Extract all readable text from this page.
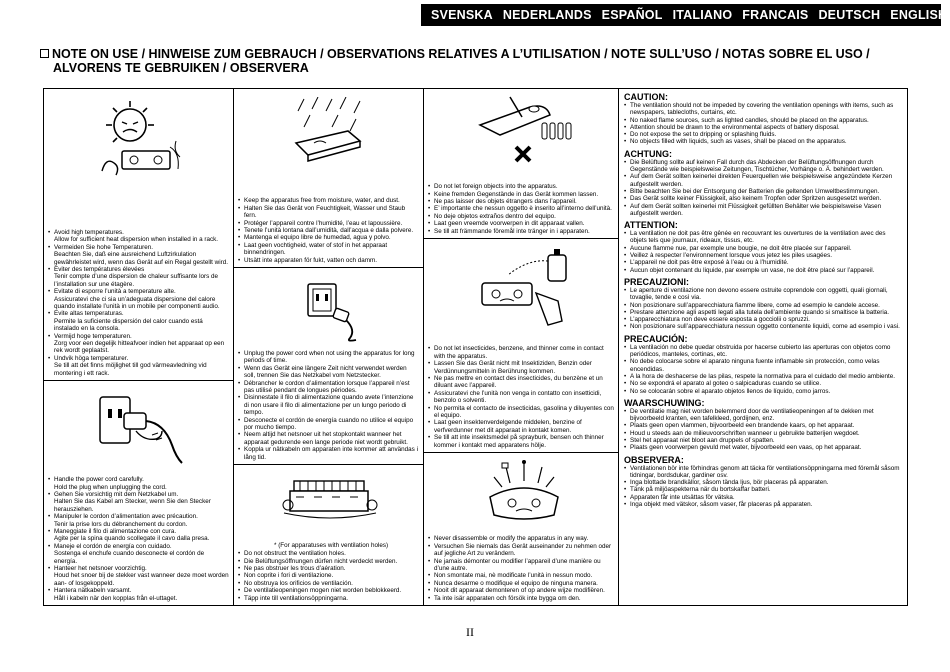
SVENSKA NEDERLANDS ESPAÑOL ITALIANO FRANCAIS DEUTSCH ENGLISH
NOTE ON USE / HINWEISE ZUM GEBRAUCH / OBSERVATIONS RELATIVES A L’UTILISATION / NOTE SULL’USO / NOTAS SOBRE EL USO /
ALVORENS TE GEBRUIKEN / OBSERVERA
• Avoid high temperatures.
Allow for sufficient heat dispersion when installed in a rack.
• Vermeiden Sie hohe Temperaturen.
Beachten Sie, daß eine ausreichend Luftzirkulation gewährleistet wird, wenn das Gerät auf ein Regal gestellt wird.
• Eviter des températures élevées
Tenir compte d’une dispersion de chaleur suffisante lors de l’installation sur une étagère.
• Evitate di esporre l’unità a temperature alte.
Assicuratevi che ci sia un’adeguata dispersione del calore quando installate l’unità in un mobile per componenti audio.
• Evite altas temperaturas.
Permite la suficiente dispersión del calor cuando está instalado en la consola.
• Vermijd hoge temperaturen.
Zorg voor een degelijk hitteafvoer indien het apparaat op een rek wordt geplaatst.
• Undvik höga temperaturer.
Se till att det finns möjlighet till god värmeavledning vid montering i ett rack.
• Handle the power cord carefully.
Hold the plug when unplugging the cord.
• Gehen Sie vorsichtig mit dem Netzkabel um.
Halten Sie das Kabel am Stecker, wenn Sie den Stecker herausziehen.
• Manipuler le cordon d’alimentation avec précaution.
Tenir la prise lors du débranchement du cordon.
• Maneggiate il filo di alimentazione con cura.
Agite per la spina quando scollegate il cavo dalla presa.
• Maneje el cordón de energía con cuidado.
Sostenga el enchufe cuando desconecte el cordón de energía.
• Hanteer het netsnoer voorzichtig.
Houd het snoer bij de stekker vast wanneer deze moet worden aan- of losgekoppeld.
• Hantera nätkabeln varsamt.
Håll i kabeln när den kopplas från el-uttaget.
• Keep the apparatus free from moisture, water, and dust.
• Halten Sie das Gerät von Feuchtigkeit, Wasser und Staub fern.
• Protéger l’appareil contre l’humidité, l’eau et lapoussière.
• Tenete l’unità lontana dall’umidità, dall’acqua e dalla polvere.
• Mantenga el equipo libre de humedad, agua y polvo.
• Laat geen vochtigheid, water of stof in het apparaat binnendringen.
• Utsätt inte apparaten för fukt, vatten och damm.
• Unplug the power cord when not using the apparatus for long periods of time.
• Wenn das Gerät eine längere Zeit nicht verwendet werden soll, trennen Sie das Netzkabel vom Netzstecker.
• Débrancher le cordon d’alimentation lorsque l’appareil n’est pas utilisé pendant de longues périodes.
• Disinnestate il filo di alimentazione quando avete l’intenzione di non usare il filo di alimentazione per un lungo periodo di tempo.
• Desconecte el cordón de energía cuando no utilice el equipo por mucho tiempo.
• Neem altijd het netsnoer uit het stopkontakt wanneer het apparaat gedurende een lange periode niet wordt gebruikt.
• Koppla ur nätkabeln om apparaten inte kommer att användas i lång tid.
* (For apparatuses with ventilation holes)
• Do not obstruct the ventilation holes.
• Die Belüftungsöffnungen dürfen nicht verdeckt werden.
• Ne pas obstruer les trous d’aération.
• Non coprite i fori di ventilazione.
• No obstruya los orificios de ventilación.
• De ventilatieopeningen mogen niet worden beblokkeerd.
• Täpp inte till ventilationsöppningarna.
• Do not let foreign objects into the apparatus.
• Keine fremden Gegenstände in das Gerät kommen lassen.
• Ne pas laisser des objets étrangers dans l’appareil.
• E’ importante che nessun oggetto è inserito all’interno dell’unità.
• No deje objetos extraños dentro del equipo.
• Laat geen vreemde voorwerpen in dit apparaat vallen.
• Se till att främmande föremål inte tränger in i apparaten.
• Do not let insecticides, benzene, and thinner come in contact with the apparatus.
• Lassen Sie das Gerät nicht mit Insektiziden, Benzin oder Verdünnungsmitteln in Berührung kommen.
• Ne pas mettre en contact des insecticides, du benzène et un diluant avec l’appareil.
• Assicuratevi che l’unità non venga in contatto con insetticidi, benzolo o solventi.
• No permita el contacto de insecticidas, gasolina y diluyentes con el equipo.
• Laat geen insektenverdelgende middelen, benzine of verfverdunner met dit apparaat in kontakt komen.
• Se till att inte insektsmedel på sprayburk, bensen och thinner kommer i kontakt med apparatens hölje.
• Never disassemble or modify the apparatus in any way.
• Versuchen Sie niemals das Gerät auseinander zu nehmen oder auf jegliche Art zu verändern.
• Ne jamais démonter ou modifier l’appareil d’une manière ou d’une autre.
• Non smontate mai, nè modificate l’unità in nessun modo.
• Nunca desarme o modifique el equipo de ninguna manera.
• Nooit dit apparaat demonteren of op andere wijze modifiëren.
• Ta inte isär apparaten och försök inte bygga om den.
CAUTION:
• The ventilation should not be impeded by covering the ventilation openings with items, such as newspapers, tablecloths, curtains, etc.
• No naked flame sources, such as lighted candles, should be placed on the apparatus.
• Attention should be drawn to the environmental aspects of battery disposal.
• Do not expose the set to dripping or splashing fluids.
• No objects filled with liquids, such as vases, shall be placed on the apparatus.
ACHTUNG:
• Die Belüftung sollte auf keinen Fall durch das Abdecken der Belüftungsöffnungen durch Gegenstände wie beispielsweise Zeitungen, Tischtücher, Vorhänge o. Ä. behindert werden.
• Auf dem Gerät sollten keinerlei direkten Feuerquellen wie beispielsweise angezündete Kerzen aufgestellt werden.
• Bitte beachten Sie bei der Entsorgung der Batterien die geltenden Umweltbestimmungen.
• Das Gerät sollte keiner Flüssigkeit, also keinem Tropfen oder Spritzen ausgesetzt werden.
• Auf dem Gerät sollten keinerlei mit Flüssigkeit gefüllten Behälter wie beispielsweise Vasen aufgestellt werden.
ATTENTION:
• La ventilation ne doit pas être gênée en recouvrant les ouvertures de la ventilation avec des objets tels que journaux, rideaux, tissus, etc.
• Aucune flamme nue, par exemple une bougie, ne doit être placée sur l’appareil.
• Veillez à respecter l’environnement lorsque vous jetez les piles usagées.
• L’appareil ne doit pas être exposé à l’eau ou à l’humidité.
• Aucun objet contenant du liquide, par exemple un vase, ne doit être placé sur l’appareil.
PRECAUZIONI:
• Le aperture di ventilazione non devono essere ostruite coprendole con oggetti, quali giornali, tovaglie, tende e così via.
• Non posizionare sull’apparecchiatura fiamme libere, come ad esempio le candele accese.
• Prestare attenzione agli aspetti legati alla tutela dell’ambiente quando si smaltisce la batteria.
• L’apparecchiatura non deve essere esposta a gocciolii o spruzzi.
• Non posizionare sull’apparecchiatura nessun oggetto contenente liquidi, come ad esempio i vasi.
PRECAUCIÓN:
• La ventilación no debe quedar obstruida por hacerse cubierto las aperturas con objetos como periódicos, manteles, cortinas, etc.
• No debe colocarse sobre el aparato ninguna fuente inflamable sin protección, como velas encendidas.
• A la hora de deshacerse de las pilas, respete la normativa para el cuidado del medio ambiente.
• No se expondrá el aparato al goteo o salpicaduras cuando se utilice.
• No se colocarán sobre el aparato objetos llenos de líquido, como jarros.
WAARSCHUWING:
• De ventilatie mag niet worden belemmerd door de ventilatieopeningen af te dekken met bijvoorbeeld kranten, een tafelkleed, gordijnen, enz.
• Plaats geen open vlammen, bijvoorbeeld een brandende kaars, op het apparaat.
• Houd u steeds aan de milieuvoorschriften wanneer u gebruikte batterijen wegdoet.
• Stel het apparaat niet bloot aan druppels of spatten.
• Plaats geen voorwerpen gevuld met water, bijvoorbeeld een vaas, op het apparaat.
OBSERVERA:
• Ventilationen bör inte förhindras genom att täcka för ventilationsöppningarna med föremål såsom tidningar, bordsdukar, gardiner osv.
• Inga blottade brandkällor, såsom tända ljus, bör placeras på apparaten.
• Tänk på miljöaspekterna när du bortskaffar batteri.
• Apparaten får inte utsättas för vätska.
• Inga objekt med vätskor, såsom vaser, får placeras på apparaten.
II
